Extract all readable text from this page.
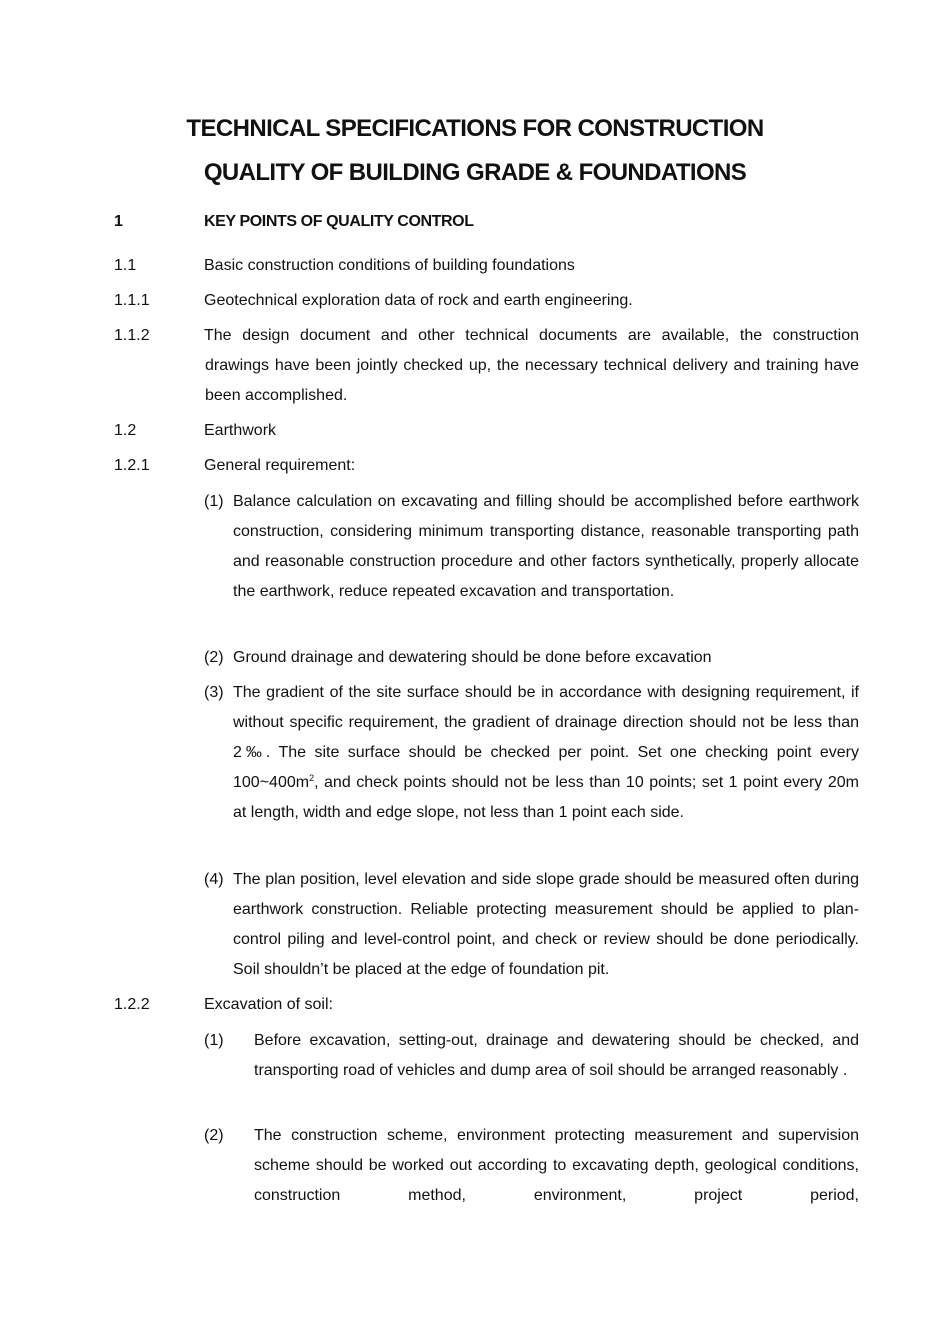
TECHNICAL SPECIFICATIONS FOR CONSTRUCTION
QUALITY OF BUILDING GRADE & FOUNDATIONS
1	KEY POINTS OF QUALITY CONTROL
1.1	Basic construction conditions of building foundations
1.1.1	Geotechnical exploration data of rock and earth engineering.
1.1.2	The design document and other technical documents are available, the construction drawings have been jointly checked up, the necessary technical delivery and training have been accomplished.
1.2	Earthwork
1.2.1	General requirement:
(1) Balance calculation on excavating and filling should be accomplished before earthwork construction, considering minimum transporting distance, reasonable transporting path and reasonable construction procedure and other factors synthetically, properly allocate the earthwork, reduce repeated excavation and transportation.
(2) Ground drainage and dewatering should be done before excavation
(3) The gradient of the site surface should be in accordance with designing requirement, if without specific requirement, the gradient of drainage direction should not be less than 2‰. The site surface should be checked per point. Set one checking point every $100\sim 400m^2$, and check points should not be less than 10 points; set 1 point every 20m at length, width and edge slope, not less than 1 point each side.
(4) The plan position, level elevation and side slope grade should be measured often during earthwork construction. Reliable protecting measurement should be applied to plan-control piling and level-control point, and check or review should be done periodically. Soil shouldn’t be placed at the edge of foundation pit.
1.2.2	Excavation of soil:
(1)	Before excavation, setting-out, drainage and dewatering should be checked, and transporting road of vehicles and dump area of soil should be arranged reasonably .
(2)	The construction scheme, environment protecting measurement and supervision scheme should be worked out according to excavating depth, geological conditions, construction method, environment, project period,
